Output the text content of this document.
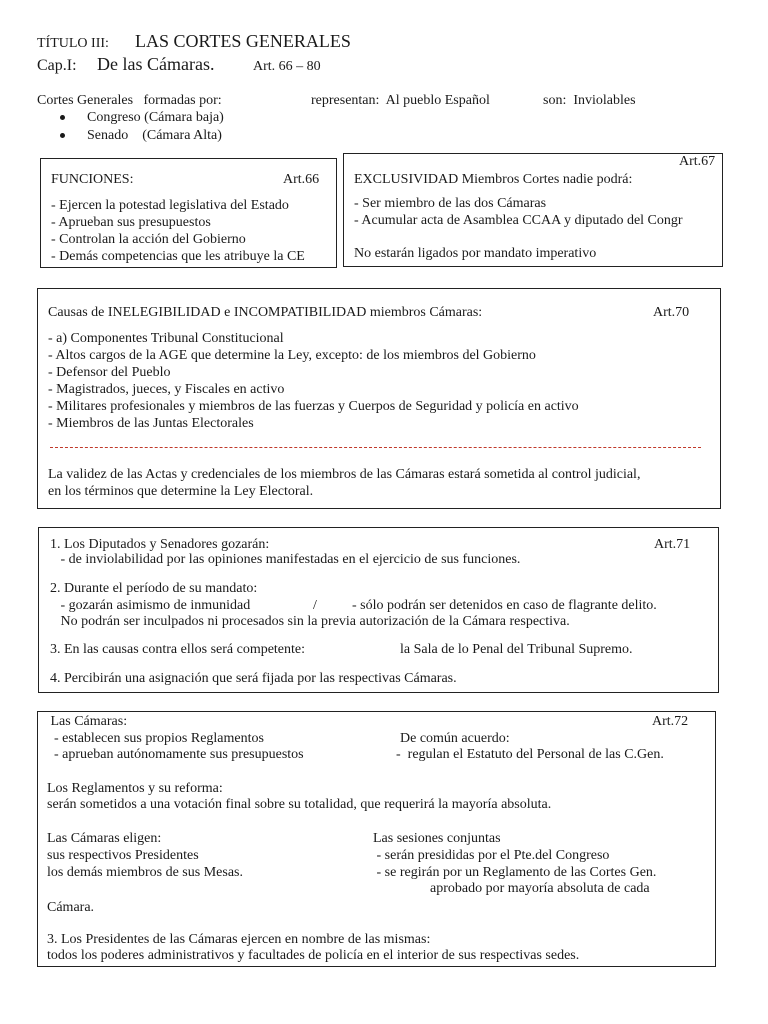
TÍTULO III: LAS CORTES GENERALES
Cap.I: De las Cámaras.	Art. 66 – 80
Cortes Generales   formadas por:	representan:  Al pueblo Español	son:  Inviolables
Congreso (Cámara baja)
Senado    (Cámara Alta)
FUNCIONES:	Art.66
- Ejercen la potestad legislativa del Estado
- Aprueban sus presupuestos
- Controlan la acción del Gobierno
- Demás competencias que les atribuye la CE
Art.67
EXCLUSIVIDAD Miembros Cortes nadie podrá:
- Ser miembro de las dos Cámaras
- Acumular acta de Asamblea CCAA y diputado del Congr
No estarán ligados por mandato imperativo
Causas de INELEGIBILIDAD e INCOMPATIBILIDAD miembros Cámaras:	Art.70
- a) Componentes Tribunal Constitucional
- Altos cargos de la AGE que determine la Ley, excepto: de los miembros del Gobierno
- Defensor del Pueblo
- Magistrados, jueces, y Fiscales en activo
- Militares profesionales y miembros de las fuerzas y Cuerpos de Seguridad y policía en activo
- Miembros de las Juntas Electorales
La validez de las Actas y credenciales de los miembros de las Cámaras estará sometida al control judicial,
en los términos que determine la Ley Electoral.
1. Los Diputados y Senadores gozarán:	Art.71
- de inviolabilidad por las opiniones manifestadas en el ejercicio de sus funciones.
2. Durante el período de su mandato:
- gozarán asimismo de inmunidad	/	- sólo podrán ser detenidos en caso de flagrante delito.
No podrán ser inculpados ni procesados sin la previa autorización de la Cámara respectiva.
3. En las causas contra ellos será competente:	la Sala de lo Penal del Tribunal Supremo.
4. Percibirán una asignación que será fijada por las respectivas Cámaras.
Las Cámaras:	Art.72
- establecen sus propios Reglamentos	De común acuerdo:
- aprueban autónomamente sus presupuestos	-  regulan el Estatuto del Personal de las C.Gen.
Los Reglamentos y su reforma:
serán sometidos a una votación final sobre su totalidad, que requerirá la mayoría absoluta.
Las Cámaras eligen:
sus respectivos Presidentes
los demás miembros de sus Mesas.
Las sesiones conjuntas
- serán presididas por el Pte.del Congreso
- se regirán por un Reglamento de las Cortes Gen.
aprobado por mayoría absoluta de cada
Cámara.
3. Los Presidentes de las Cámaras ejercen en nombre de las mismas:
todos los poderes administrativos y facultades de policía en el interior de sus respectivas sedes.
